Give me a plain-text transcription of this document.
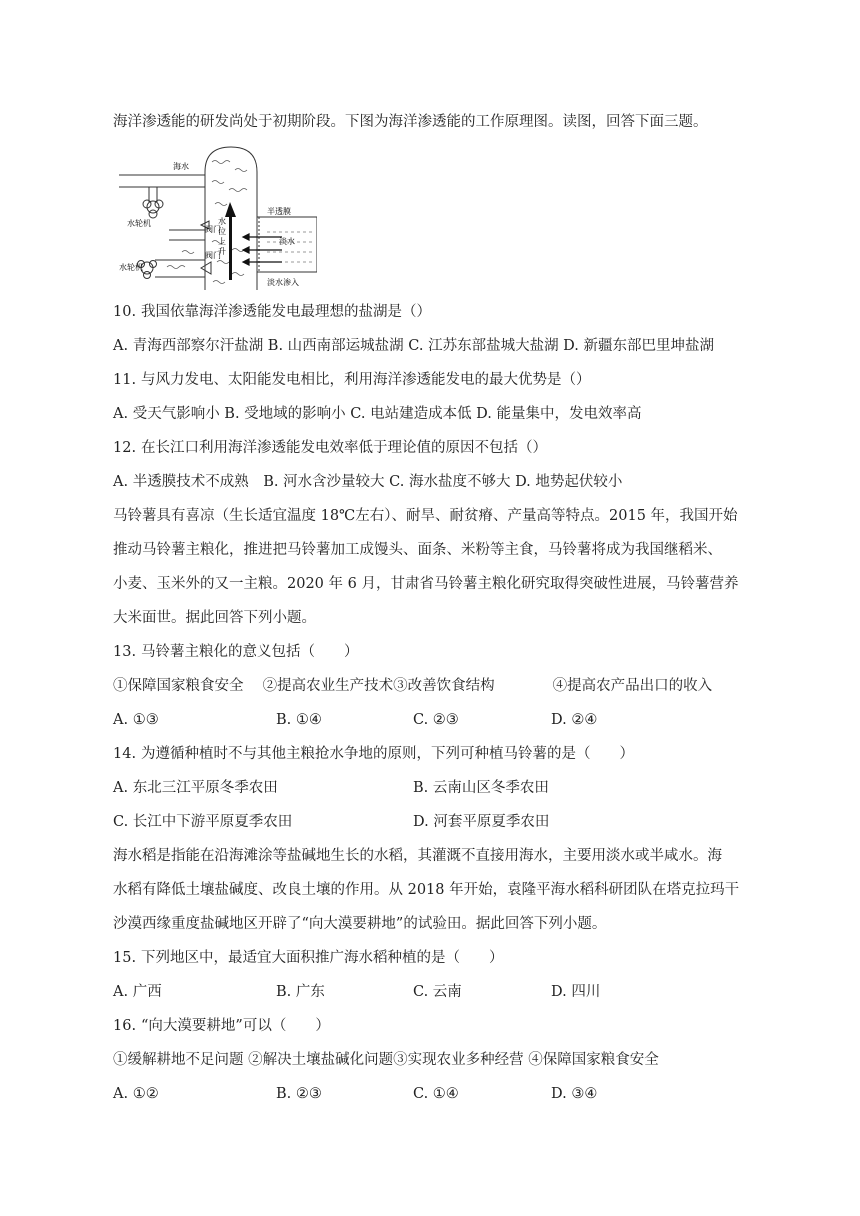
海洋渗透能的研发尚处于初期阶段。下图为海洋渗透能的工作原理图。读图，回答下面三题。
海水
水轮机
水轮机
阀门
阀门
水
位
上
升
半透膜
淡水
淡水渗入
10. 我国依靠海洋渗透能发电最理想的盐湖是（）
A. 青海西部察尔汗盐湖 B. 山西南部运城盐湖 C. 江苏东部盐城大盐湖 D. 新疆东部巴里坤盐湖
11. 与风力发电、太阳能发电相比，利用海洋渗透能发电的最大优势是（）
A. 受天气影响小 B. 受地域的影响小 C. 电站建造成本低 D. 能量集中，发电效率高
12. 在长江口利用海洋渗透能发电效率低于理论值的原因不包括（）
A. 半透膜技术不成熟　B. 河水含沙量较大 C. 海水盐度不够大 D. 地势起伏较小
马铃薯具有喜凉（生长适宜温度 18℃左右）、耐旱、耐贫瘠、产量高等特点。2015 年，我国开始
推动马铃薯主粮化，推进把马铃薯加工成馒头、面条、米粉等主食，马铃薯将成为我国继稻米、
小麦、玉米外的又一主粮。2020 年 6 月，甘肃省马铃薯主粮化研究取得突破性进展，马铃薯营养
大米面世。据此回答下列小题。
13. 马铃薯主粮化的意义包括（　　）
①保障国家粮食安全　 ②提高农业生产技术③改善饮食结构　　　　④提高农产品出口的收入
A. ①③	B. ①④	C. ②③	D. ②④
14. 为遵循种植时不与其他主粮抢水争地的原则，下列可种植马铃薯的是（　　）
A. 东北三江平原冬季农田	B. 云南山区冬季农田
C. 长江中下游平原夏季农田	D. 河套平原夏季农田
海水稻是指能在沿海滩涂等盐碱地生长的水稻，其灌溉不直接用海水，主要用淡水或半咸水。海
水稻有降低土壤盐碱度、改良土壤的作用。从 2018 年开始，袁隆平海水稻科研团队在塔克拉玛干
沙漠西缘重度盐碱地区开辟了“向大漠要耕地”的试验田。据此回答下列小题。
15. 下列地区中，最适宜大面积推广海水稻种植的是（　　）
A. 广西	B. 广东	C. 云南	D. 四川
16. “向大漠要耕地”可以（　　）
①缓解耕地不足问题 ②解决土壤盐碱化问题③实现农业多种经营 ④保障国家粮食安全
A. ①②	B. ②③	C. ①④	D. ③④
